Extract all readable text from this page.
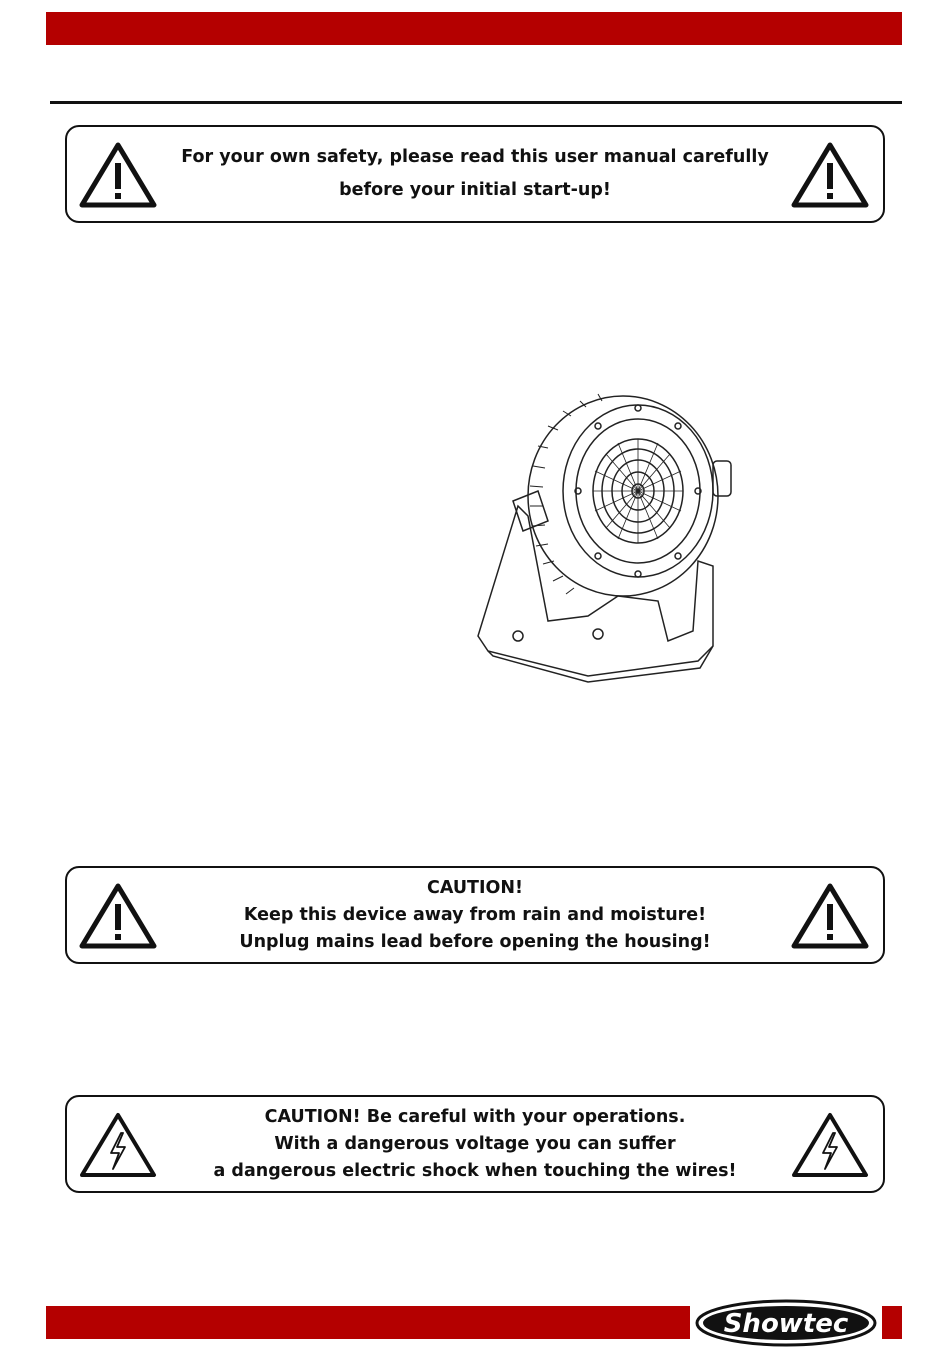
For your own safety, please read this user manual carefully
before your initial start-up!
CAUTION!
Keep this device away from rain and moisture!
Unplug mains lead before opening the housing!
CAUTION! Be careful with your operations.
With a dangerous voltage you can suffer
a dangerous electric shock when touching the wires!
Showtec
